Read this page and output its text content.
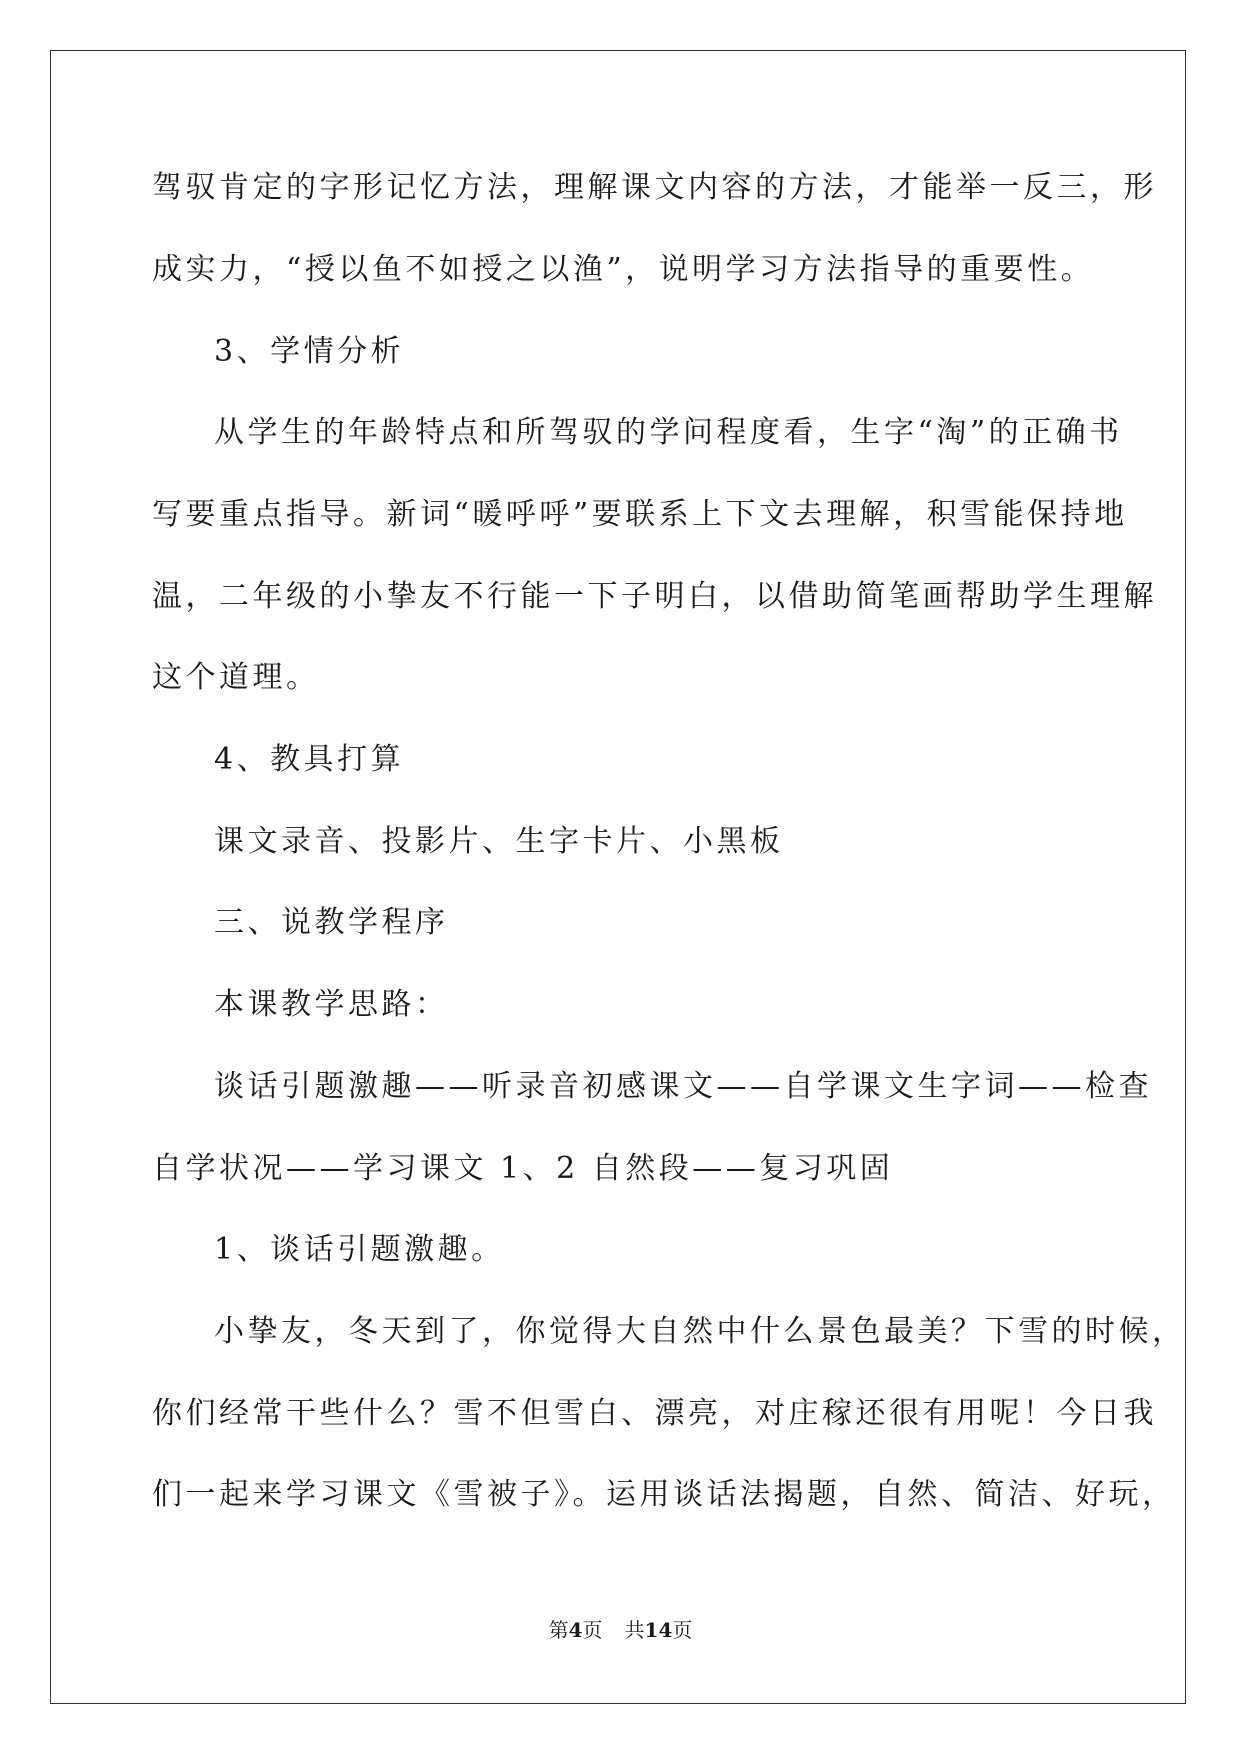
驾驭肯定的字形记忆方法，理解课文内容的方法，才能举一反三，形
成实力，“授以鱼不如授之以渔”，说明学习方法指导的重要性。
3、学情分析
从学生的年龄特点和所驾驭的学问程度看，生字“淘”的正确书
写要重点指导。新词“暖呼呼”要联系上下文去理解，积雪能保持地
温，二年级的小挚友不行能一下子明白，以借助简笔画帮助学生理解
这个道理。
4、教具打算
课文录音、投影片、生字卡片、小黑板
三、说教学程序
本课教学思路：
谈话引题激趣——听录音初感课文——自学课文生字词——检查
自学状况——学习课文 1、2 自然段——复习巩固
1、谈话引题激趣。
小挚友，冬天到了，你觉得大自然中什么景色最美？下雪的时候，
你们经常干些什么？雪不但雪白、漂亮，对庄稼还很有用呢！今日我
们一起来学习课文《雪被子》。运用谈话法揭题，自然、简洁、好玩，
第4页 共14页
